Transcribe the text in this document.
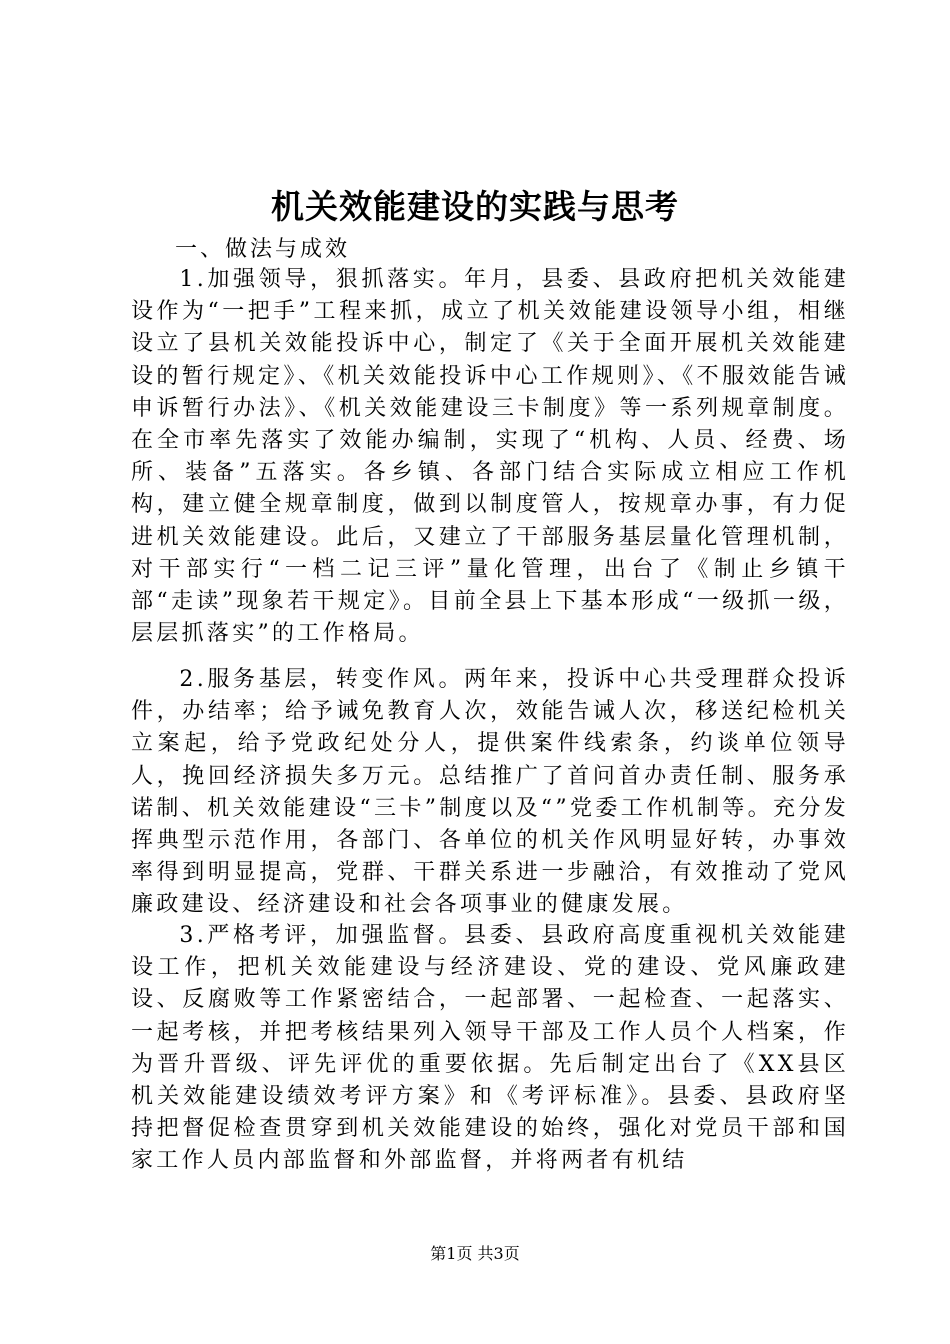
机关效能建设的实践与思考

一、做法与成效

1.加强领导，狠抓落实。年月，县委、县政府把机关效能建设作为“一把手”工程来抓，成立了机关效能建设领导小组，相继设立了县机关效能投诉中心，制定了《关于全面开展机关效能建设的暂行规定》、《机关效能投诉中心工作规则》、《不服效能告诫申诉暂行办法》、《机关效能建设三卡制度》等一系列规章制度。在全市率先落实了效能办编制，实现了“机构、人员、经费、场所、装备”五落实。各乡镇、各部门结合实际成立相应工作机构，建立健全规章制度，做到以制度管人，按规章办事，有力促进机关效能建设。此后，又建立了干部服务基层量化管理机制，对干部实行“一档二记三评”量化管理，出台了《制止乡镇干部“走读”现象若干规定》。目前全县上下基本形成“一级抓一级，层层抓落实”的工作格局。

2.服务基层，转变作风。两年来，投诉中心共受理群众投诉件，办结率；给予诫免教育人次，效能告诫人次，移送纪检机关立案起，给予党政纪处分人，提供案件线索条，约谈单位领导人，挽回经济损失多万元。总结推广了首问首办责任制、服务承诺制、机关效能建设“三卡”制度以及“”党委工作机制等。充分发挥典型示范作用，各部门、各单位的机关作风明显好转，办事效率得到明显提高，党群、干群关系进一步融洽，有效推动了党风廉政建设、经济建设和社会各项事业的健康发展。

3.严格考评，加强监督。县委、县政府高度重视机关效能建设工作，把机关效能建设与经济建设、党的建设、党风廉政建设、反腐败等工作紧密结合，一起部署、一起检查、一起落实、一起考核，并把考核结果列入领导干部及工作人员个人档案，作为晋升晋级、评先评优的重要依据。先后制定出台了《XX县区机关效能建设绩效考评方案》和《考评标准》。县委、县政府坚持把督促检查贯穿到机关效能建设的始终，强化对党员干部和国家工作人员内部监督和外部监督，并将两者有机结

第1页 共3页
